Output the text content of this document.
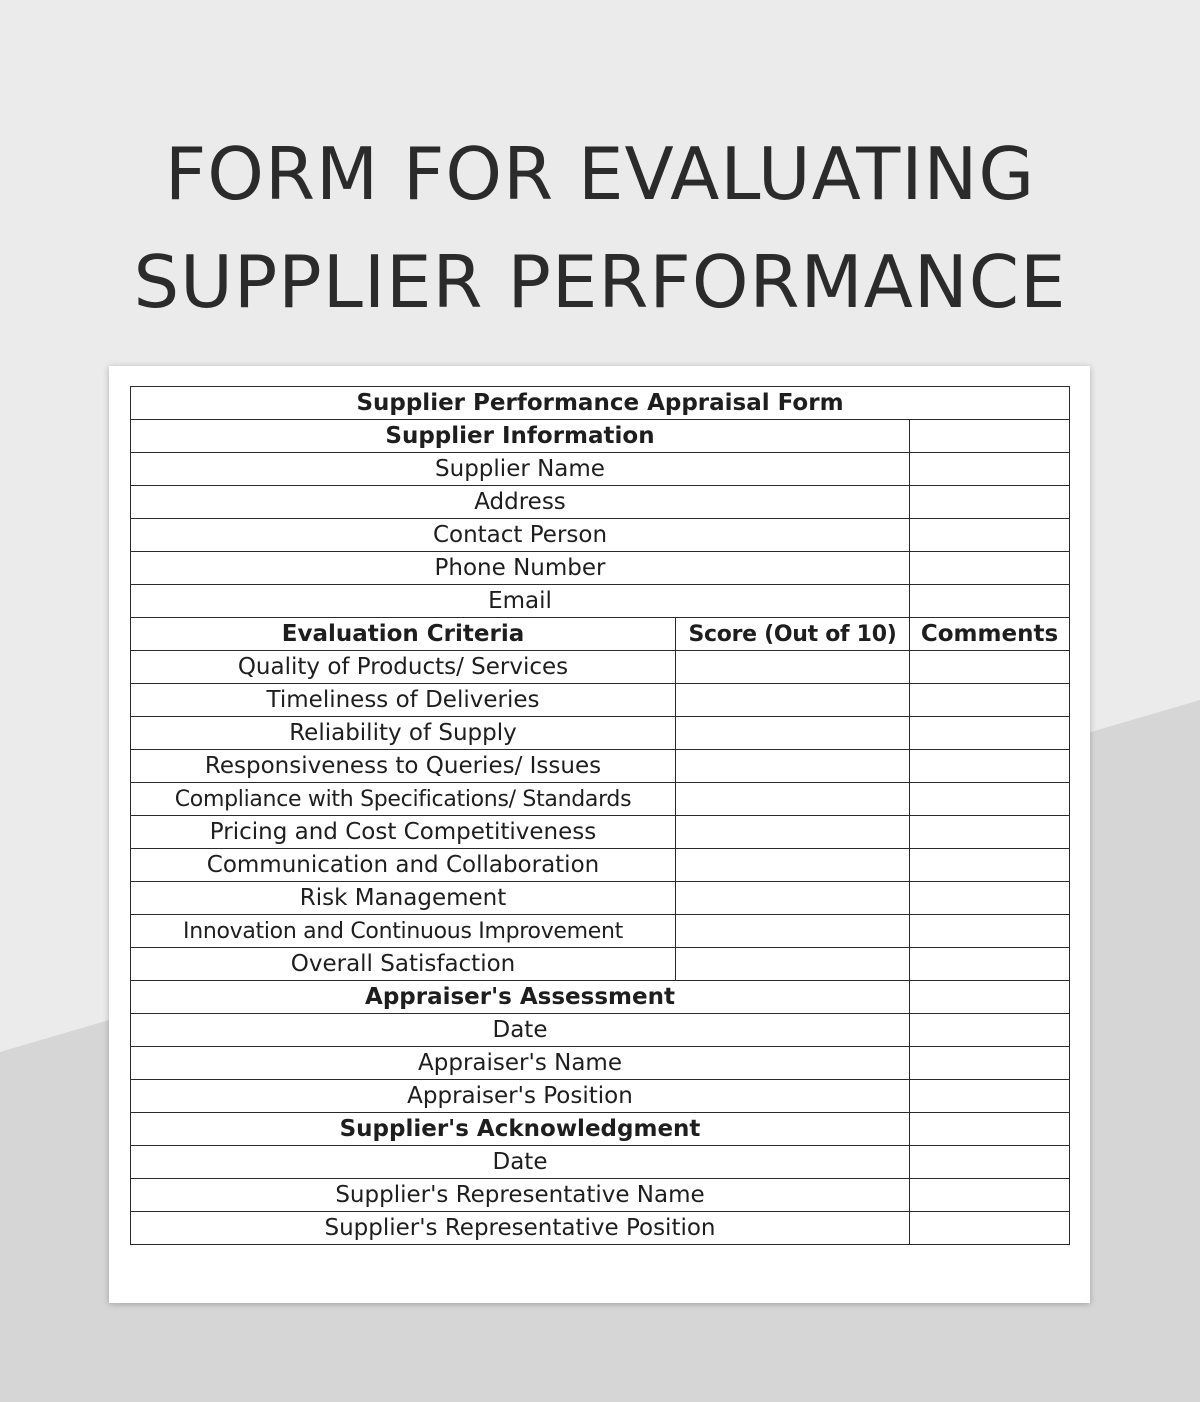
FORM FOR EVALUATING
SUPPLIER PERFORMANCE
Supplier Performance Appraisal Form		
Supplier Information		
Supplier Name		
Address		
Contact Person		
Phone Number		
Email		
Evaluation Criteria	Score (Out of 10)	Comments
Quality of Products/ Services		
Timeliness of Deliveries		
Reliability of Supply		
Responsiveness to Queries/ Issues		
Compliance with Specifications/ Standards		
Pricing and Cost Competitiveness		
Communication and Collaboration		
Risk Management		
Innovation and Continuous Improvement		
Overall Satisfaction		
Appraiser's Assessment		
Date		
Appraiser's Name		
Appraiser's Position		
Supplier's Acknowledgment		
Date		
Supplier's Representative Name		
Supplier's Representative Position		
